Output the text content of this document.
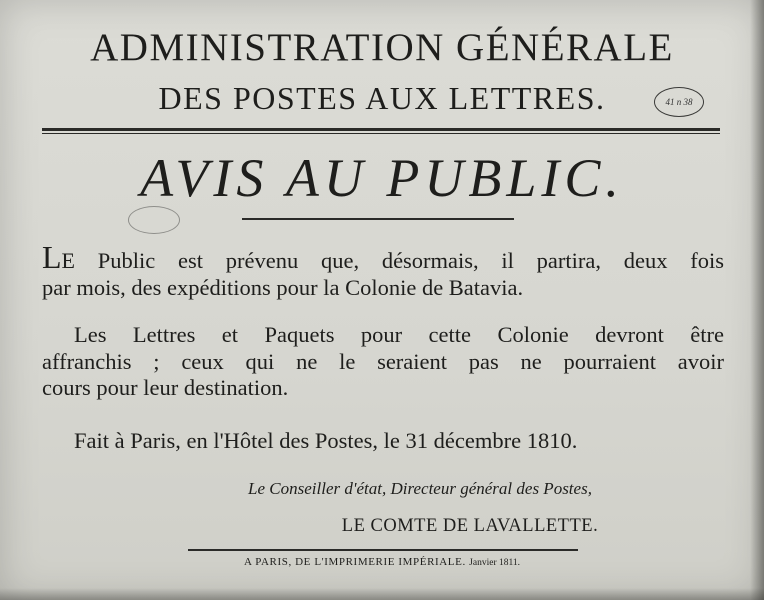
ADMINISTRATION GÉNÉRALE
DES POSTES AUX LETTRES.	41 n 38
AVIS AU PUBLIC.
LE Public est prévenu que, désormais, il partira, deux fois
par mois, des expéditions pour la Colonie de Batavia.
Les Lettres et Paquets pour cette Colonie devront être
affranchis ; ceux qui ne le seraient pas ne pourraient avoir
cours pour leur destination.
Fait à Paris, en l'Hôtel des Postes, le 31 décembre 1810.
Le Conseiller d'état, Directeur général des Postes,
LE COMTE DE LAVALLETTE.
A PARIS, DE L'IMPRIMERIE IMPÉRIALE. Janvier 1811.
